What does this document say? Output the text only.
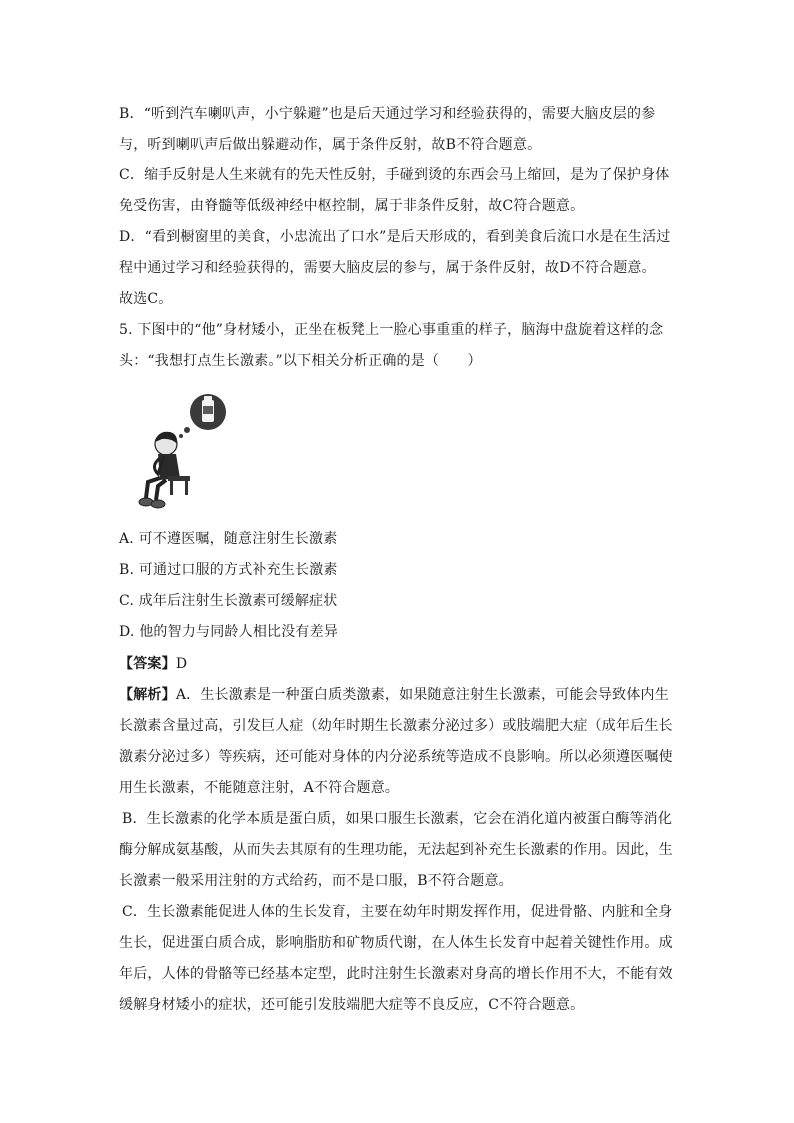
B．“听到汽车喇叭声，小宁躲避”也是后天通过学习和经验获得的，需要大脑皮层的参
与，听到喇叭声后做出躲避动作，属于条件反射，故B不符合题意。
C．缩手反射是人生来就有的先天性反射，手碰到烫的东西会马上缩回，是为了保护身体
免受伤害，由脊髓等低级神经中枢控制，属于非条件反射，故C符合题意。
D．“看到橱窗里的美食，小忠流出了口水”是后天形成的，看到美食后流口水是在生活过
程中通过学习和经验获得的，需要大脑皮层的参与，属于条件反射，故D不符合题意。
故选C。
5. 下图中的“他”身材矮小，正坐在板凳上一脸心事重重的样子，脑海中盘旋着这样的念
头：“我想打点生长激素。”以下相关分析正确的是（　　）
A. 可不遵医嘱，随意注射生长激素
B. 可通过口服的方式补充生长激素
C. 成年后注射生长激素可缓解症状
D. 他的智力与同龄人相比没有差异
【答案】D
【解析】A．生长激素是一种蛋白质类激素，如果随意注射生长激素，可能会导致体内生
长激素含量过高，引发巨人症（幼年时期生长激素分泌过多）或肢端肥大症（成年后生长
激素分泌过多）等疾病，还可能对身体的内分泌系统等造成不良影响。所以必须遵医嘱使
用生长激素，不能随意注射，A不符合题意。
B．生长激素的化学本质是蛋白质，如果口服生长激素，它会在消化道内被蛋白酶等消化
酶分解成氨基酸，从而失去其原有的生理功能，无法起到补充生长激素的作用。因此，生
长激素一般采用注射的方式给药，而不是口服，B不符合题意。
C．生长激素能促进人体的生长发育，主要在幼年时期发挥作用，促进骨骼、内脏和全身
生长，促进蛋白质合成，影响脂肪和矿物质代谢，在人体生长发育中起着关键性作用。成
年后，人体的骨骼等已经基本定型，此时注射生长激素对身高的增长作用不大，不能有效
缓解身材矮小的症状，还可能引发肢端肥大症等不良反应，C不符合题意。
